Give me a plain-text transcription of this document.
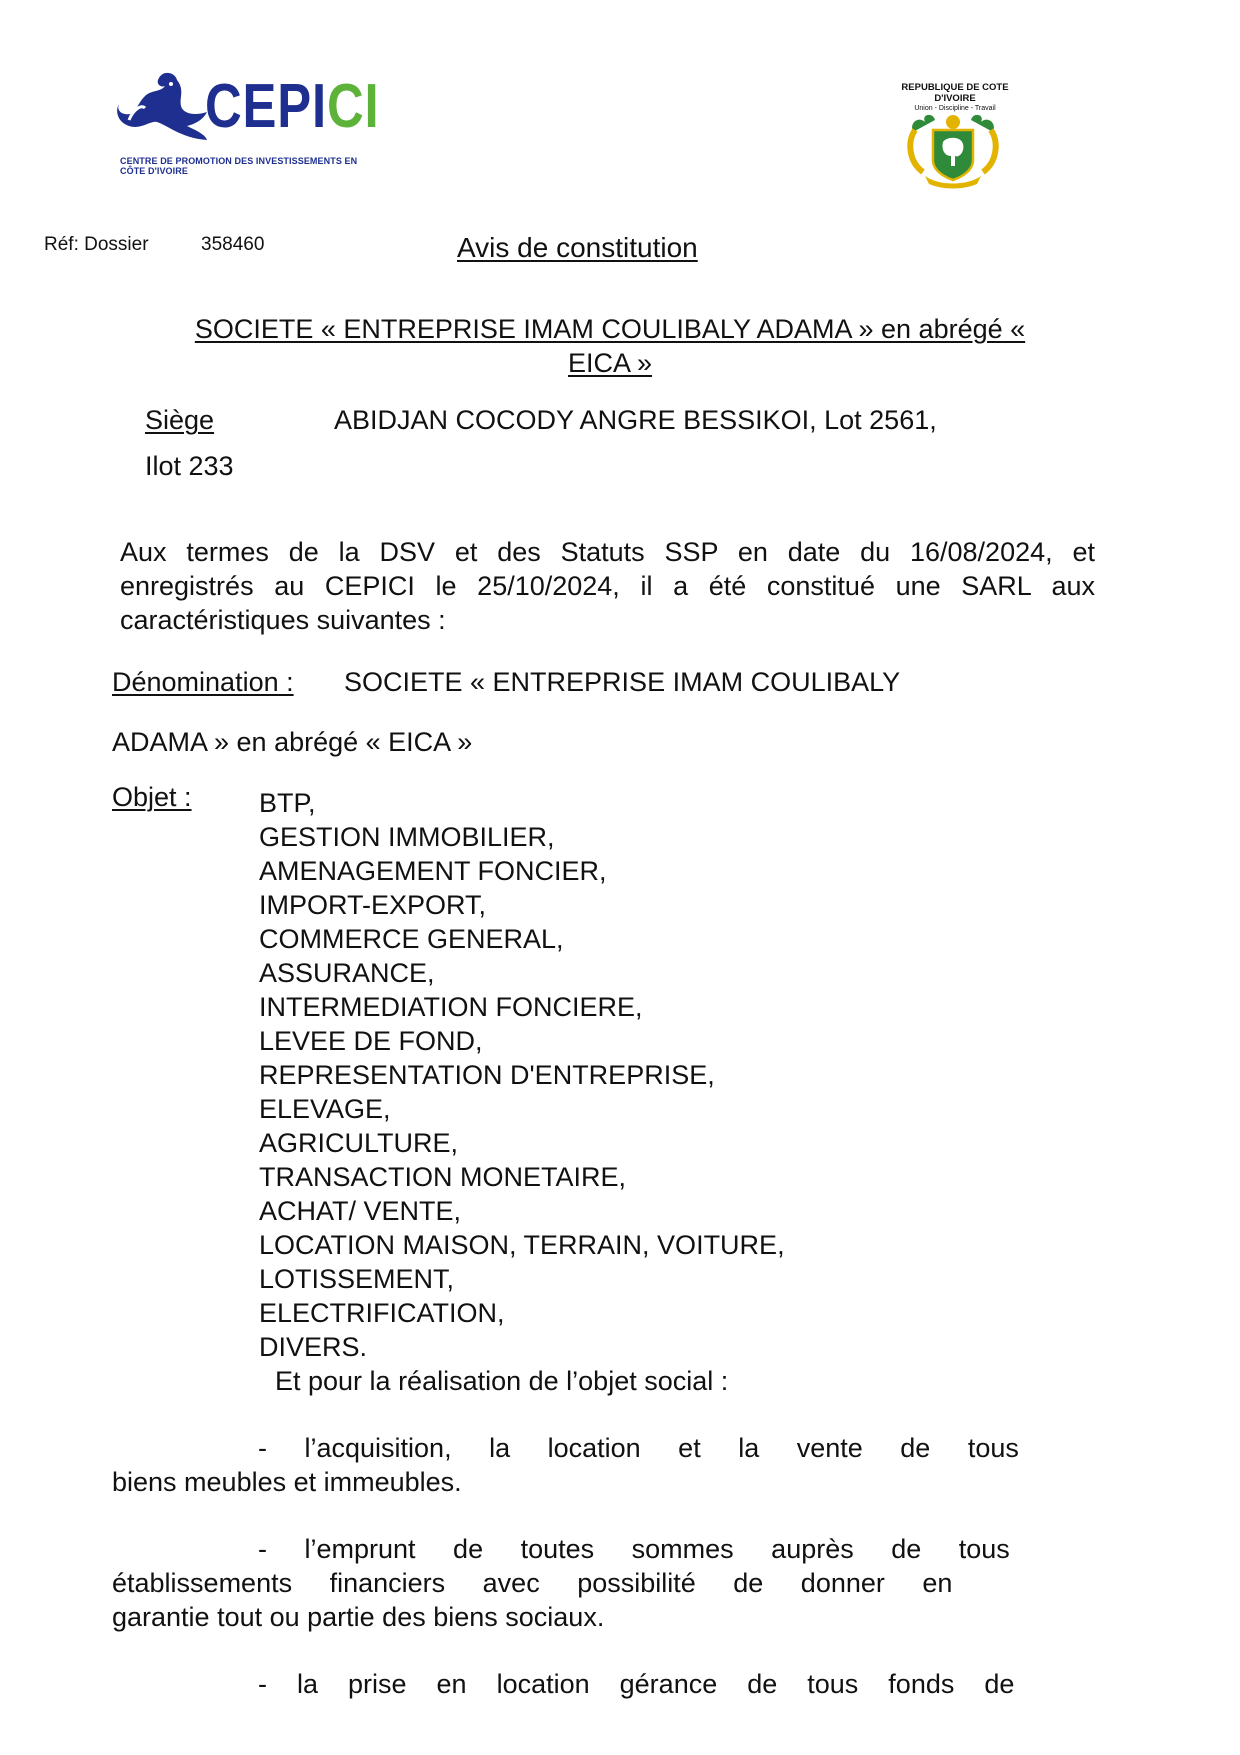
CEPICI
CENTRE DE PROMOTION DES INVESTISSEMENTS EN CÔTE D'IVOIRE
REPUBLIQUE DE COTE D'IVOIRE
Union - Discipline - Travail
Réf: Dossier	358460	Avis de constitution
SOCIETE « ENTREPRISE IMAM COULIBALY ADAMA » en abrégé «
EICA »
Siège	ABIDJAN COCODY ANGRE BESSIKOI, Lot 2561,
Ilot 233
Aux termes de la DSV et des Statuts SSP en date du 16/08/2024, et
enregistrés au CEPICI le 25/10/2024, il a été constitué une SARL aux
caractéristiques suivantes :
Dénomination : SOCIETE « ENTREPRISE IMAM COULIBALY
ADAMA » en abrégé « EICA »
Objet : BTP,
GESTION IMMOBILIER,
AMENAGEMENT FONCIER,
IMPORT-EXPORT,
COMMERCE GENERAL,
ASSURANCE,
INTERMEDIATION FONCIERE,
LEVEE DE FOND,
REPRESENTATION D'ENTREPRISE,
ELEVAGE,
AGRICULTURE,
TRANSACTION MONETAIRE,
ACHAT/ VENTE,
LOCATION MAISON, TERRAIN, VOITURE,
LOTISSEMENT,
ELECTRIFICATION,
DIVERS.
Et pour la réalisation de l’objet social :
-     l’acquisition,     la     location     et     la     vente     de     tous
biens meubles et immeubles.
-     l’emprunt     de     toutes     sommes     auprès     de     tous
établissements     financiers     avec     possibilité     de     donner     en
garantie tout ou partie des biens sociaux.
-    la    prise    en    location    gérance    de    tous    fonds    de
